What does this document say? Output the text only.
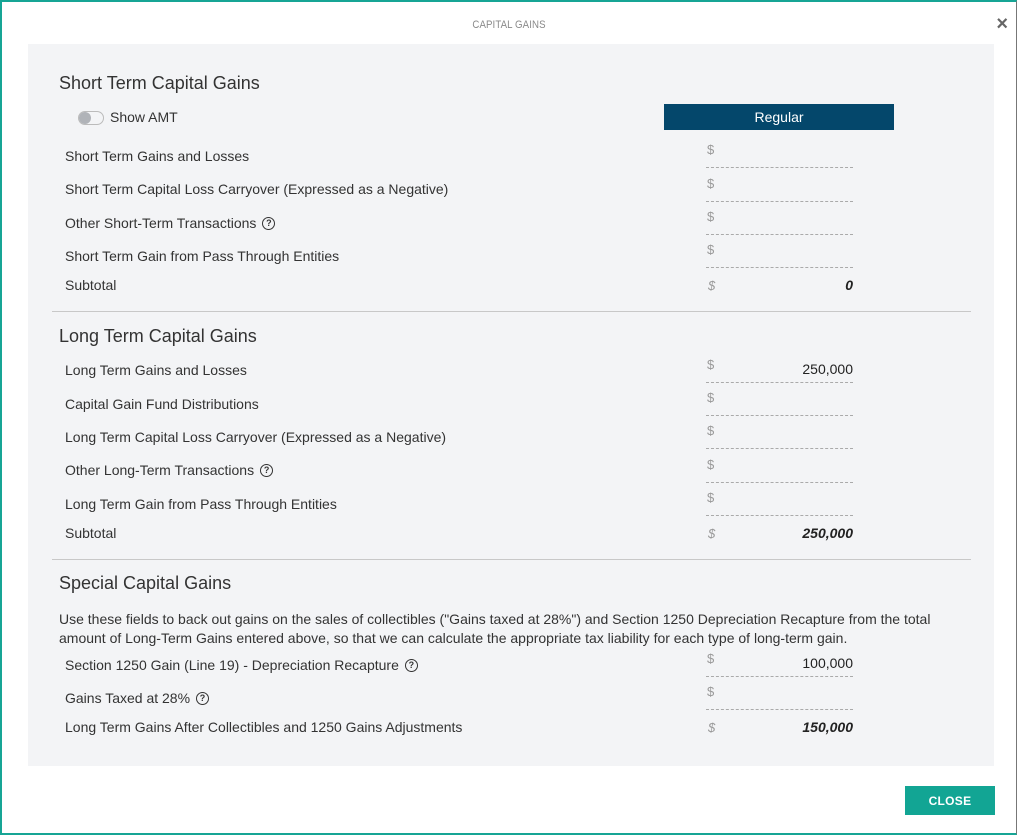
CAPITAL GAINS	×
Short Term Capital Gains
Show AMT	Regular
Short Term Gains and Losses	$
Short Term Capital Loss Carryover (Expressed as a Negative)	$
Other Short-Term Transactions	?	$
Short Term Gain from Pass Through Entities	$
Subtotal	$	0
Long Term Capital Gains
Long Term Gains and Losses	$	250,000
Capital Gain Fund Distributions	$
Long Term Capital Loss Carryover (Expressed as a Negative)	$
Other Long-Term Transactions	?	$
Long Term Gain from Pass Through Entities	$
Subtotal	$	250,000
Special Capital Gains
Use these fields to back out gains on the sales of collectibles ("Gains taxed at 28%") and Section 1250 Depreciation Recapture from the total amount of Long-Term Gains entered above, so that we can calculate the appropriate tax liability for each type of long-term gain.
Section 1250 Gain (Line 19) - Depreciation Recapture	?	$	100,000
Gains Taxed at 28%	?	$
Long Term Gains After Collectibles and 1250 Gains Adjustments	$	150,000
CLOSE
